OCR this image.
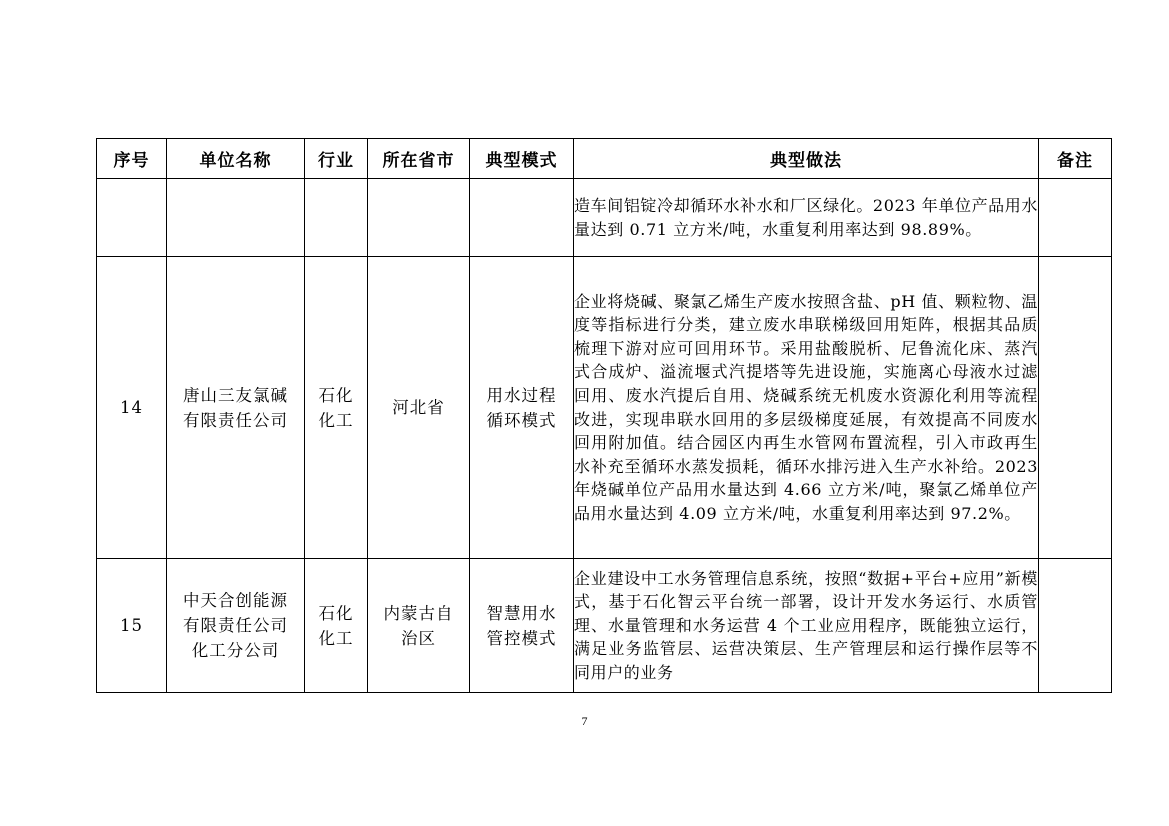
序号	单位名称	行业	所在省市	典型模式	典型做法	备注
					造车间铝锭冷却循环水补水和厂区绿化。2023 年单位产品用水量达到 0.71 立方米/吨，水重复利用率达到 98.89%。	
14	唐山三友氯碱有限责任公司	石化化工	河北省	用水过程循环模式	企业将烧碱、聚氯乙烯生产废水按照含盐、pH 值、颗粒物、温度等指标进行分类，建立废水串联梯级回用矩阵，根据其品质梳理下游对应可回用环节。采用盐酸脱析、尼鲁流化床、蒸汽式合成炉、溢流堰式汽提塔等先进设施，实施离心母液水过滤回用、废水汽提后自用、烧碱系统无机废水资源化利用等流程改进，实现串联水回用的多层级梯度延展，有效提高不同废水回用附加值。结合园区内再生水管网布置流程，引入市政再生水补充至循环水蒸发损耗，循环水排污进入生产水补给。2023 年烧碱单位产品用水量达到 4.66 立方米/吨，聚氯乙烯单位产品用水量达到 4.09 立方米/吨，水重复利用率达到 97.2%。	
15	中天合创能源有限责任公司化工分公司	石化化工	内蒙古自治区	智慧用水管控模式	企业建设中工水务管理信息系统，按照“数据+平台+应用”新模式，基于石化智云平台统一部署，设计开发水务运行、水质管理、水量管理和水务运营 4 个工业应用程序，既能独立运行，满足业务监管层、运营决策层、生产管理层和运行操作层等不同用户的业务	
7
